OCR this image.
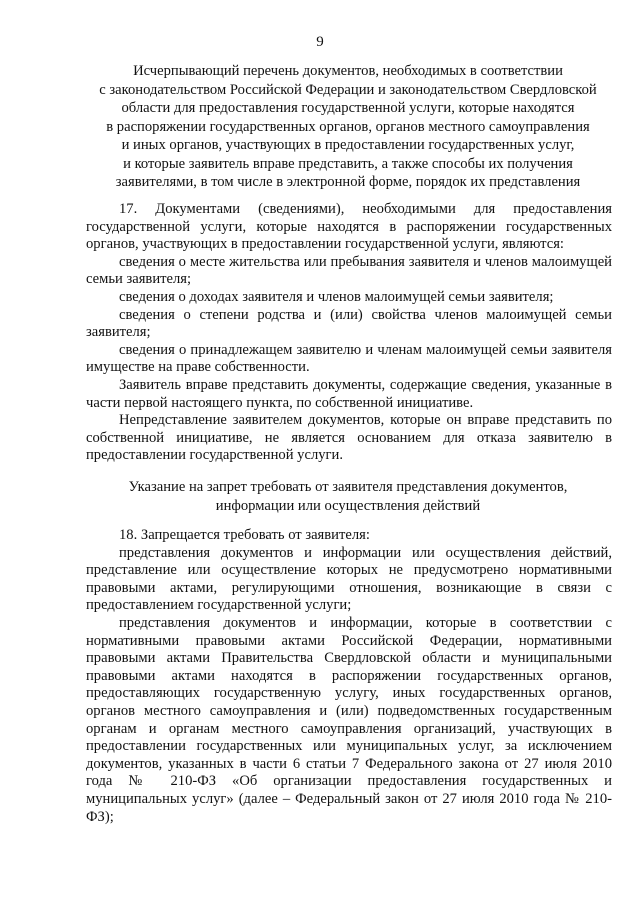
9
Исчерпывающий перечень документов, необходимых в соответствии
с законодательством Российской Федерации и законодательством Свердловской
области для предоставления государственной услуги, которые находятся
в распоряжении государственных органов, органов местного самоуправления
и иных органов, участвующих в предоставлении государственных услуг,
и которые заявитель вправе представить, а также способы их получения
заявителями, в том числе в электронной форме, порядок их представления

17. Документами (сведениями), необходимыми для предоставления государственной услуги, которые находятся в распоряжении государственных органов, участвующих в предоставлении государственной услуги, являются:

сведения о месте жительства или пребывания заявителя и членов малоимущей семьи заявителя;

сведения о доходах заявителя и членов малоимущей семьи заявителя;

сведения о степени родства и (или) свойства членов малоимущей семьи заявителя;

сведения о принадлежащем заявителю и членам малоимущей семьи заявителя имуществе на праве собственности.

Заявитель вправе представить документы, содержащие сведения, указанные в части первой настоящего пункта, по собственной инициативе.

Непредставление заявителем документов, которые он вправе представить по собственной инициативе, не является основанием для отказа заявителю в предоставлении государственной услуги.

Указание на запрет требовать от заявителя представления документов,
информации или осуществления действий

18. Запрещается требовать от заявителя:

представления документов и информации или осуществления действий, представление или осуществление которых не предусмотрено нормативными правовыми актами, регулирующими отношения, возникающие в связи с предоставлением государственной услуги;

представления документов и информации, которые в соответствии с нормативными правовыми актами Российской Федерации, нормативными правовыми актами Правительства Свердловской области и муниципальными правовыми актами находятся в распоряжении государственных органов, предоставляющих государственную услугу, иных государственных органов, органов местного самоуправления и (или) подведомственных государственным органам и органам местного самоуправления организаций, участвующих в предоставлении государственных или муниципальных услуг, за исключением документов, указанных в части 6 статьи 7 Федерального закона от 27 июля 2010 года № 210-ФЗ «Об организации предоставления государственных и муниципальных услуг» (далее – Федеральный закон от 27 июля 2010 года № 210-ФЗ);
